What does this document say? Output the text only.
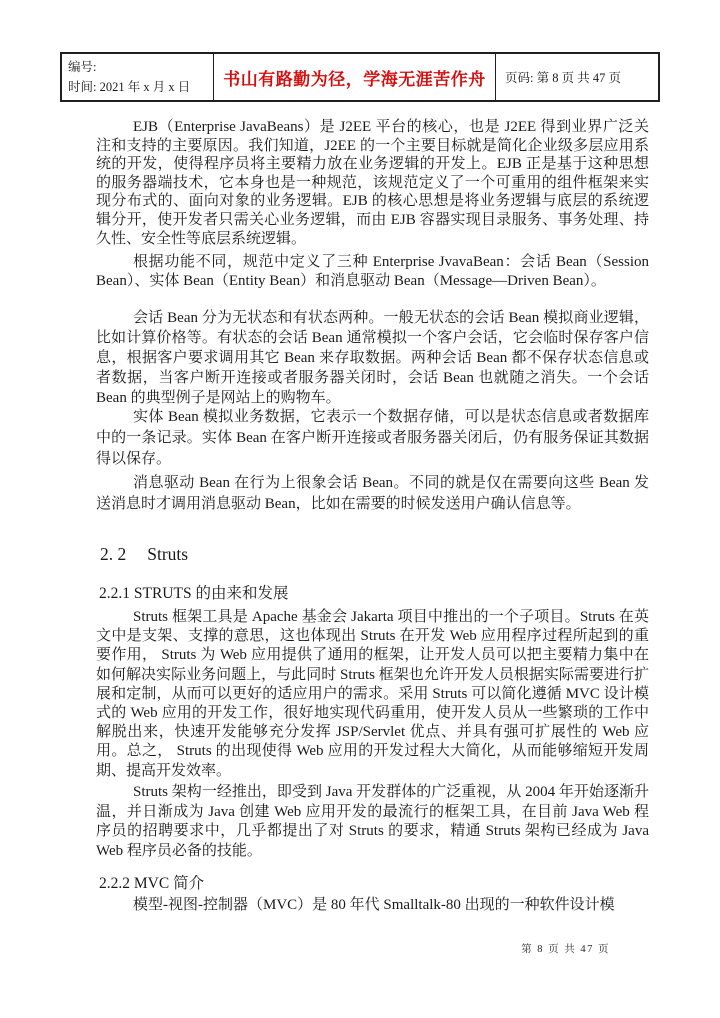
编号:
时间: 2021 年 x 月 x 日	书山有路勤为径，学海无涯苦作舟 页码: 第 8 页 共 47 页
EJB（Enterprise JavaBeans）是 J2EE 平台的核心，也是 J2EE 得到业界广泛关注和支持的主要原因。我们知道，J2EE 的一个主要目标就是简化企业级多层应用系统的开发，使得程序员将主要精力放在业务逻辑的开发上。EJB 正是基于这种思想的服务器端技术，它本身也是一种规范，该规范定义了一个可重用的组件框架来实现分布式的、面向对象的业务逻辑。EJB 的核心思想是将业务逻辑与底层的系统逻辑分开，使开发者只需关心业务逻辑，而由 EJB 容器实现目录服务、事务处理、持久性、安全性等底层系统逻辑。
根据功能不同，规范中定义了三种 Enterprise JvavaBean：会话 Bean（Session Bean）、实体 Bean（Entity Bean）和消息驱动 Bean（Message—Driven Bean）。
会话 Bean 分为无状态和有状态两种。一般无状态的会话 Bean 模拟商业逻辑，比如计算价格等。有状态的会话 Bean 通常模拟一个客户会话，它会临时保存客户信息，根据客户要求调用其它 Bean 来存取数据。两种会话 Bean 都不保存状态信息或者数据，当客户断开连接或者服务器关闭时，会话 Bean 也就随之消失。一个会话 Bean 的典型例子是网站上的购物车。
实体 Bean 模拟业务数据，它表示一个数据存储，可以是状态信息或者数据库中的一条记录。实体 Bean 在客户断开连接或者服务器关闭后，仍有服务保证其数据得以保存。
消息驱动 Bean 在行为上很象会话 Bean。不同的就是仅在需要向这些 Bean 发送消息时才调用消息驱动 Bean，比如在需要的时候发送用户确认信息等。
2. 2 Struts
2.2.1 STRUTS 的由来和发展
Struts 框架工具是 Apache 基金会 Jakarta 项目中推出的一个子项目。Struts 在英文中是支架、支撑的意思，这也体现出 Struts 在开发 Web 应用程序过程所起到的重要作用， Struts 为 Web 应用提供了通用的框架，让开发人员可以把主要精力集中在如何解决实际业务问题上，与此同时 Struts 框架也允许开发人员根据实际需要进行扩展和定制，从而可以更好的适应用户的需求。采用 Struts 可以简化遵循 MVC 设计模式的 Web 应用的开发工作，很好地实现代码重用，使开发人员从一些繁琐的工作中解脱出来，快速开发能够充分发挥 JSP/Servlet 优点、并具有强可扩展性的 Web 应用。总之， Struts 的出现使得 Web 应用的开发过程大大简化，从而能够缩短开发周期、提高开发效率。
Struts 架构一经推出，即受到 Java 开发群体的广泛重视，从 2004 年开始逐渐升温，并日渐成为 Java 创建 Web 应用开发的最流行的框架工具，在目前 Java Web 程序员的招聘要求中，几乎都提出了对 Struts 的要求，精通 Struts 架构已经成为 Java Web 程序员必备的技能。
2.2.2 MVC 简介
模型-视图-控制器（MVC）是 80 年代 Smalltalk-80 出现的一种软件设计模
第 8 页 共 47 页
